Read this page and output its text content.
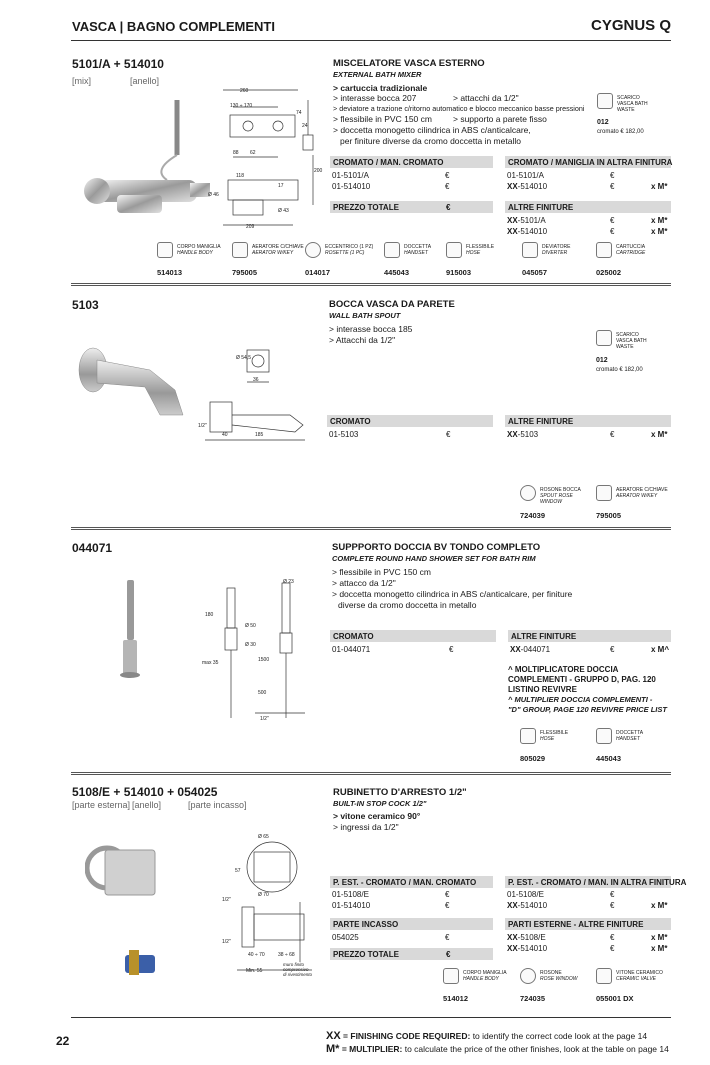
VASCA | BAGNO COMPLEMENTI	CYGNUS Q
5101/A + 514010
[mix]	[anello]
260
130 ÷ 170
88 62
74
24
118
209
17
200
Ø 46
Ø 43
MISCELATORE VASCA ESTERNO
EXTERNAL BATH MIXER
> cartuccia tradizionale
> interasse bocca 207	> attacchi da 1/2"
> deviatore a trazione c/ritorno automatico e blocco meccanico basse pressioni
> flessibile in PVC 150 cm > supporto a parete fisso
> doccetta monogetto cilindrica in ABS c/anticalcare,
per finiture diverse da cromo doccetta in metallo
SCARICO VASCA BATH WASTE
012
cromato € 182,00
CROMATO / MAN. CROMATO
01-5101/A	€
01-514010	€
PREZZO TOTALE	€
CROMATO / MANIGLIA IN ALTRA FINITURA
01-5101/A	€
XX-514010	€	x M*
ALTRE FINITURE
XX-5101/A	€	x M*
XX-514010	€	x M*
CORPO MANIGLIA
HANDLE BODY
514013
AERATORE C/CHIAVE
AERATOR W/KEY
795005
ECCENTRICO (1 PZ)
ROSETTE (1 PC)
014017
DOCCETTA
HANDSET
445043
FLESSIBILE
HOSE
915003
DEVIATORE
DIVERTER
045057
CARTUCCIA
CARTRIDGE
025002
5103
Ø 54,5
36
1/2"
40	185
BOCCA VASCA DA PARETE
WALL BATH SPOUT
> interasse bocca 185
> Attacchi da 1/2"	SCARICO VASCA BATH WASTE
012
cromato € 182,00
CROMATO
01-5103	€
ALTRE FINITURE
XX-5103	€	x M*
ROSONE BOCCA
SPOUT ROSE
WINDOW
724039
AERATORE C/CHIAVE
AERATOR W/KEY
795005
044071
Ø 23
180
Ø 50
Ø 30
1500
500
max 35
1/2"
SUPPPORTO DOCCIA BV TONDO COMPLETO
COMPLETE ROUND HAND SHOWER SET FOR BATH RIM
> flessibile in PVC 150 cm
> attacco da 1/2"
> doccetta monogetto cilindrica in ABS c/anticalcare, per finiture
diverse da cromo doccetta in metallo
CROMATO
01-044071	€
ALTRE FINITURE
XX-044071	€	x M^
^ MOLTIPLICATORE DOCCIA
COMPLEMENTI - GRUPPO D, PAG. 120
LISTINO REVIVRE
^ MULTIPLIER DOCCIA COMPLEMENTI -
"D" GROUP, PAGE 120 REVIVRE PRICE LIST
FLESSIBILE
HOSE
805029
DOCCETTA
HANDSET
445043
5108/E + 514010 + 054025
[parte esterna] [anello]	[parte incasso]
Ø 65
57
Ø 70
1/2"
1/2"
40 ÷ 70	38 ÷ 68
Min. 55
muro finito
comprensivo
di rivestimento
RUBINETTO D'ARRESTO 1/2"
BUILT-IN STOP COCK 1/2"
> vitone ceramico 90°
> ingressi da 1/2"
P. EST. - CROMATO / MAN. CROMATO
01-5108/E	€
01-514010	€
PARTE INCASSO
054025	€
PREZZO TOTALE	€
P. EST. - CROMATO / MAN. IN ALTRA FINITURA
01-5108/E	€
XX-514010	€	x M*
PARTI ESTERNE - ALTRE FINITURE
XX-5108/E	€	x M*
XX-514010	€	x M*
CORPO MANIGLIA
HANDLE BODY
514012
ROSONE
ROSE WINDOW
724035
VITONE CERAMICO
CERAMIC VALVE
055001 DX
22	XX = FINISHING CODE REQUIRED: to identify the correct code look at the page 14
M* = MULTIPLIER: to calculate the price of the other finishes, look at the table on page 14
